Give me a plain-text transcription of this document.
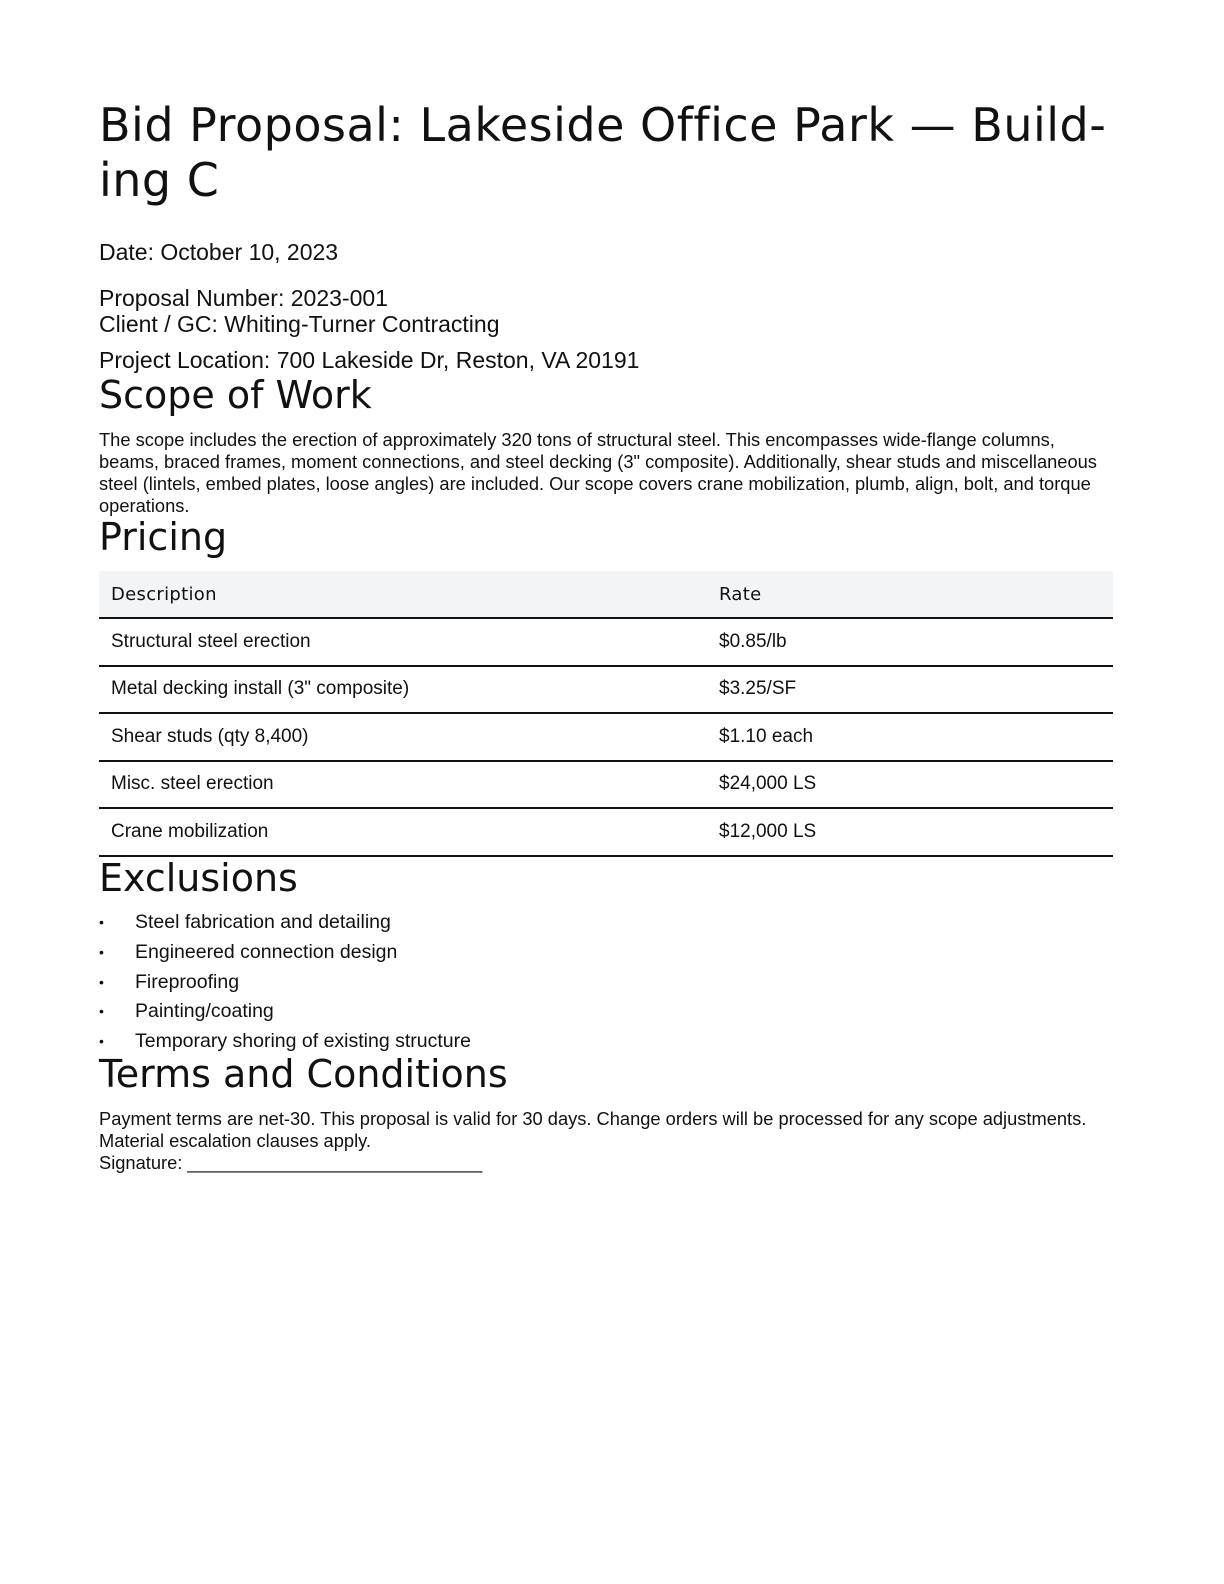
Bid Proposal: Lakeside Office Park — Build-
ing C

Date: October 10, 2023

Proposal Number: 2023-001

Client / GC: Whiting-Turner Contracting

Project Location: 700 Lakeside Dr, Reston, VA 20191

Scope of Work

The scope includes the erection of approximately 320 tons of structural steel. This encompasses wide-flange columns, beams, braced frames, moment connections, and steel decking (3" composite). Additionally, shear studs and miscellaneous steel (lintels, embed plates, loose angles) are included. Our scope covers crane mobilization, plumb, align, bolt, and torque operations.

Pricing
Description	Rate
Structural steel erection	$0.85/lb
Metal decking install (3" composite)	$3.25/SF
Shear studs (qty 8,400)	$1.10 each
Misc. steel erection	$24,000 LS
Crane mobilization	$12,000 LS
Exclusions
• Steel fabrication and detailing
• Engineered connection design
• Fireproofing
• Painting/coating
• Temporary shoring of existing structure
Terms and Conditions

Payment terms are net-30. This proposal is valid for 30 days. Change orders will be processed for any scope adjustments. Material escalation clauses apply.

Signature: _____________________________
